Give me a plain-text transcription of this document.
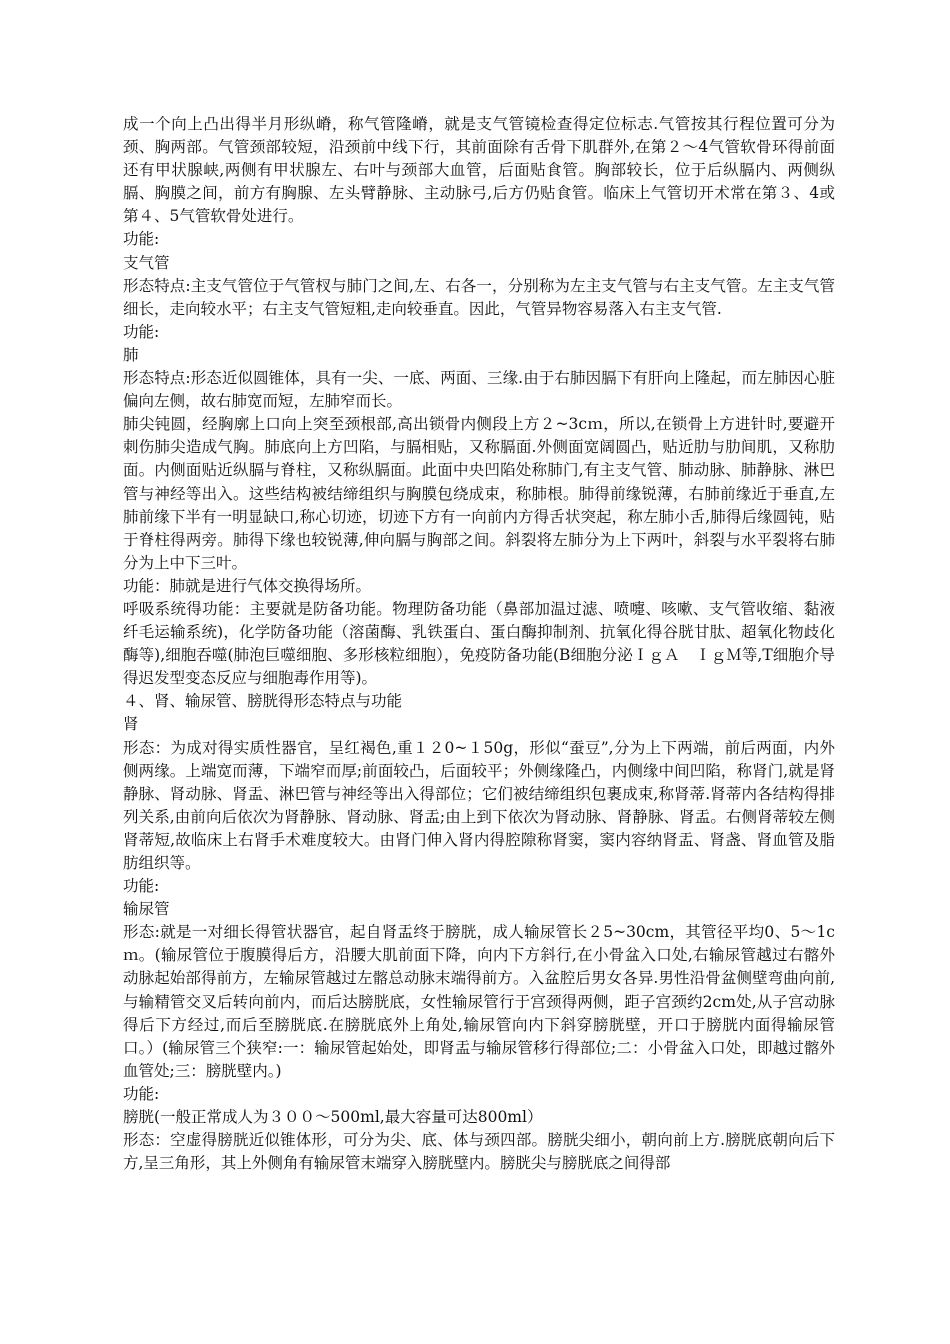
成一个向上凸出得半月形纵嵴，称气管隆嵴，就是支气管镜检查得定位标志.气管按其行程位置可分为颈、胸两部。气管颈部较短，沿颈前中线下行，其前面除有舌骨下肌群外,在第２～4气管软骨环得前面还有甲状腺峡,两侧有甲状腺左、右叶与颈部大血管，后面贴食管。胸部较长，位于后纵膈内、两侧纵膈、胸膜之间，前方有胸腺、左头臂静脉、主动脉弓,后方仍贴食管。临床上气管切开术常在第３、4或第４、5气管软骨处进行。

功能:

支气管

形态特点:主支气管位于气管杈与肺门之间,左、右各一，分别称为左主支气管与右主支气管。左主支气管细长，走向较水平；右主支气管短粗,走向较垂直。因此，气管异物容易落入右主支气管.

功能:

肺

形态特点:形态近似圆锥体，具有一尖、一底、两面、三缘.由于右肺因膈下有肝向上隆起，而左肺因心脏偏向左侧，故右肺宽而短，左肺窄而长。

肺尖钝圆，经胸廓上口向上突至颈根部,高出锁骨内侧段上方２~3cｍ，所以,在锁骨上方进针时,要避开刺伤肺尖造成气胸。肺底向上方凹陷，与膈相贴，又称膈面.外侧面宽阔圆凸，贴近肋与肋间肌，又称肋面。内侧面贴近纵膈与脊柱，又称纵膈面。此面中央凹陷处称肺门,有主支气管、肺动脉、肺静脉、淋巴管与神经等出入。这些结构被结缔组织与胸膜包绕成束，称肺根。肺得前缘锐薄，右肺前缘近于垂直,左肺前缘下半有一明显缺口,称心切迹，切迹下方有一向前内方得舌状突起，称左肺小舌,肺得后缘圆钝，贴于脊柱得两旁。肺得下缘也较锐薄,伸向膈与胸部之间。斜裂将左肺分为上下两叶，斜裂与水平裂将右肺分为上中下三叶。

功能：肺就是进行气体交换得场所。

呼吸系统得功能：主要就是防备功能。物理防备功能（鼻部加温过滤、喷嚏、咳嗽、支气管收缩、黏液纤毛运输系统)，化学防备功能（溶菌酶、乳铁蛋白、蛋白酶抑制剂、抗氧化得谷胱甘肽、超氧化物歧化酶等),细胞吞噬(肺泡巨噬细胞、多形核粒细胞），免疫防备功能(B细胞分泌ＩｇＡ　ＩｇＭ等,T细胞介导得迟发型变态反应与细胞毒作用等)。

４、肾、输尿管、膀胱得形态特点与功能

肾

形态：为成对得实质性器官，呈红褐色,重１２0~１50g，形似“蚕豆”,分为上下两端，前后两面，内外侧两缘。上端宽而薄，下端窄而厚;前面较凸，后面较平；外侧缘隆凸，内侧缘中间凹陷，称肾门,就是肾静脉、肾动脉、肾盂、淋巴管与神经等出入得部位；它们被结缔组织包裹成束,称肾蒂.肾蒂内各结构得排列关系,由前向后依次为肾静脉、肾动脉、肾盂;由上到下依次为肾动脉、肾静脉、肾盂。右侧肾蒂较左侧肾蒂短,故临床上右肾手术难度较大。由肾门伸入肾内得腔隙称肾窦，窦内容纳肾盂、肾盏、肾血管及脂肪组织等。

功能:

输尿管

形态:就是一对细长得管状器官，起自肾盂终于膀胱，成人输尿管长２5~30cm，其管径平均0、5～1cｍ。(输尿管位于腹膜得后方，沿腰大肌前面下降，向内下方斜行,在小骨盆入口处,右输尿管越过右髂外动脉起始部得前方，左输尿管越过左髂总动脉末端得前方。入盆腔后男女各异.男性沿骨盆侧壁弯曲向前,与输精管交叉后转向前内，而后达膀胱底，女性输尿管行于宫颈得两侧，距子宫颈约2cm处,从子宫动脉得后下方经过,而后至膀胱底.在膀胱底外上角处,输尿管向内下斜穿膀胱壁，开口于膀胱内面得输尿管口。）(输尿管三个狭窄:一：输尿管起始处，即肾盂与输尿管移行得部位;二：小骨盆入口处，即越过髂外血管处;三：膀胱壁内。)

功能:

膀胱(一般正常成人为３００～500ml,最大容量可达800ml）

形态：空虚得膀胱近似锥体形，可分为尖、底、体与颈四部。膀胱尖细小，朝向前上方.膀胱底朝向后下方,呈三角形，其上外侧角有输尿管末端穿入膀胱壁内。膀胱尖与膀胱底之间得部
